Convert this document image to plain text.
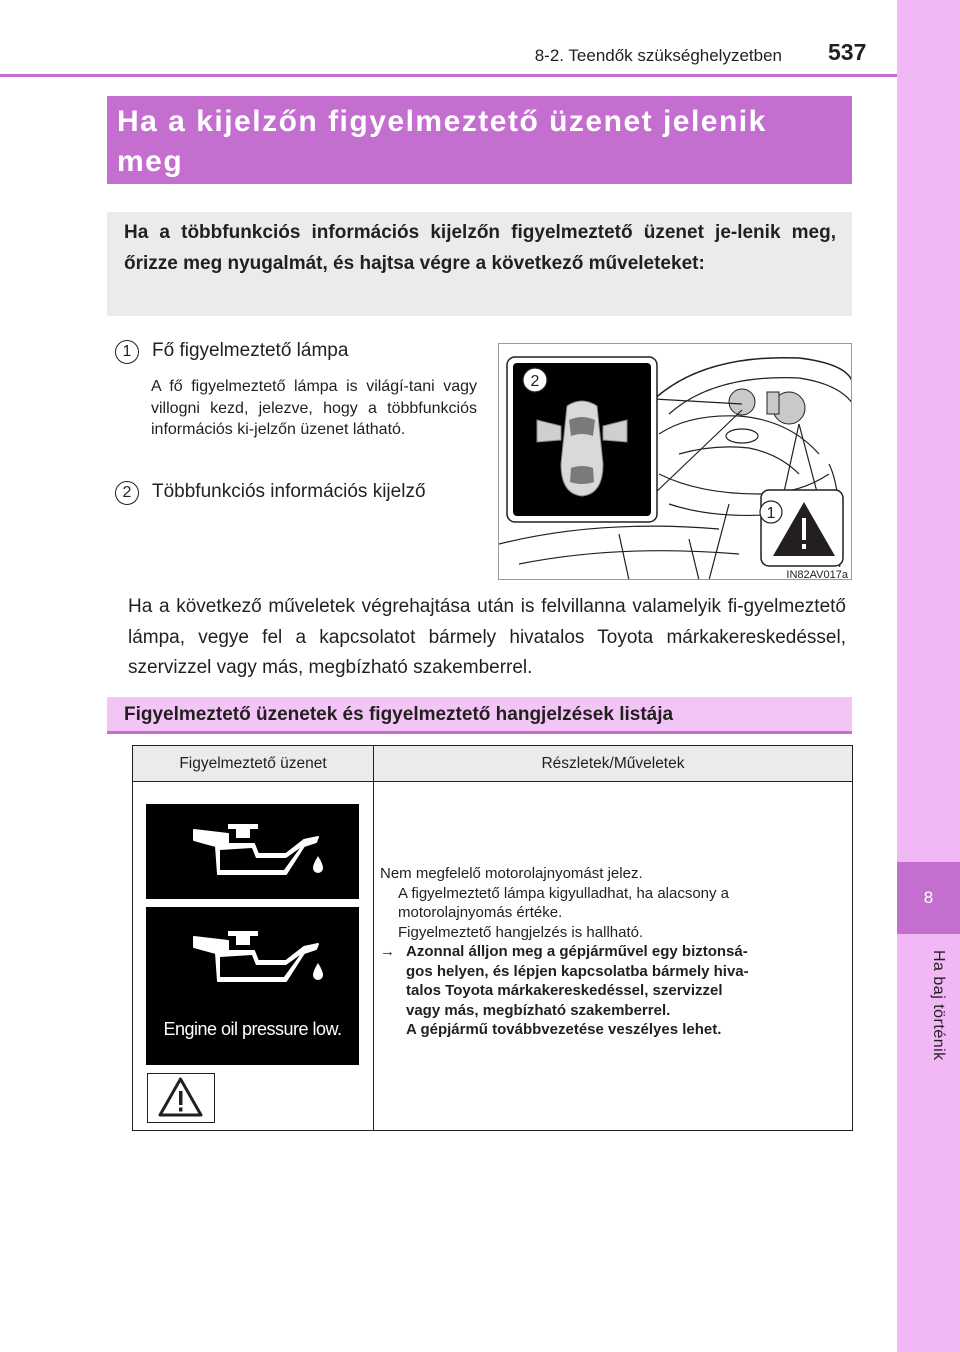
8
Ha baj történik
8-2. Teendők szükséghelyzetben 537
Ha a kijelzőn figyelmeztető üzenet jelenik meg
Ha a többfunkciós információs kijelzőn figyelmeztető üzenet je-lenik meg, őrizze meg nyugalmát, és hajtsa végre a következő műveleteket:
1	Fő figyelmeztető lámpa
A fő figyelmeztető lámpa is világí-tani vagy villogni kezd, jelezve, hogy a többfunkciós információs ki-jelzőn üzenet látható.
2	Többfunkciós információs kijelző
2
1
IN82AV017a
Ha a következő műveletek végrehajtása után is felvillanna valamelyik fi-gyelmeztető lámpa, vegye fel a kapcsolatot bármely hivatalos Toyota márkakereskedéssel, szervizzel vagy más, megbízható szakemberrel.
Figyelmeztető üzenetek és figyelmeztető hangjelzések listája
Figyelmeztető üzenet	Részletek/Műveletek
Engine oil pressure low.
Nem megfelelő motorolajnyomást jelez.
A figyelmeztető lámpa kigyulladhat, ha alacsony a
motorolajnyomás értéke.
Figyelmeztető hangjelzés is hallható.
→ Azonnal álljon meg a gépjárművel egy biztonsá-
gos helyen, és lépjen kapcsolatba bármely hiva-
talos Toyota márkakereskedéssel, szervizzel
vagy más, megbízható szakemberrel.
A gépjármű továbbvezetése veszélyes lehet.
